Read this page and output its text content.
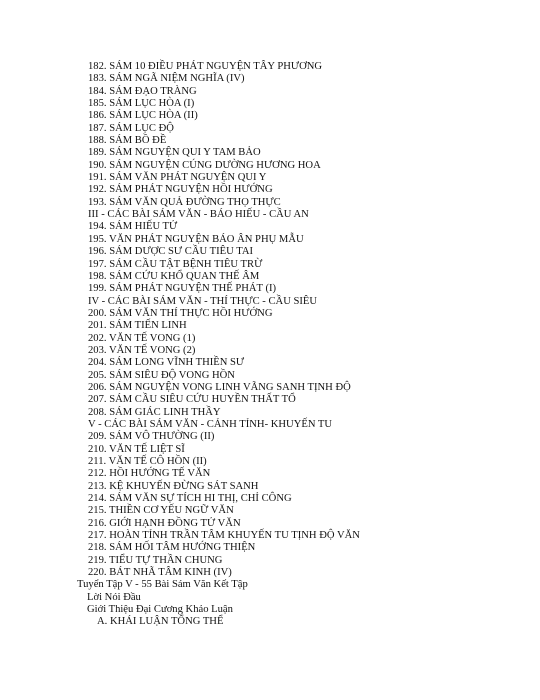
182. SÁM 10 ĐIỀU PHÁT NGUYỆN TÂY PHƯƠNG
183. SÁM NGÃ NIỆM NGHĨA (IV)
184. SÁM ĐẠO TRÀNG
185. SÁM LỤC HÒA (I)
186. SÁM LỤC HÒA (II)
187. SÁM LỤC ĐỘ
188. SÁM BỒ ĐỀ
189. SÁM NGUYỆN QUI Y TAM BẢO
190. SÁM NGUYỆN CÚNG DƯỜNG HƯƠNG HOA
191. SÁM VĂN PHÁT NGUYỆN QUI Y
192. SÁM PHÁT NGUYỆN HỒI HƯỚNG
193. SÁM VĂN QUẢ ĐƯỜNG THỌ THỰC
III - CÁC BÀI SÁM VĂN - BÁO HIẾU - CẦU AN
194. SÁM HIẾU TỬ
195. VĂN PHÁT NGUYỆN BÁO ÂN PHỤ MẪU
196. SÁM DƯỢC SƯ CẦU TIÊU TAI
197. SÁM CẦU TẬT BỆNH TIÊU TRỪ
198. SÁM CỨU KHỔ QUAN THẾ ÂM
199. SÁM PHÁT NGUYỆN THẾ PHÁT (I)
IV - CÁC BÀI SÁM VĂN - THÍ THỰC - CẦU SIÊU
200. SÁM VĂN THÍ THỰC HỒI HƯỚNG
201. SÁM TIẾN LINH
202. VĂN TẾ VONG (1)
203. VĂN TẾ VONG (2)
204. SÁM LONG VĨNH THIỀN SƯ
205. SÁM SIÊU ĐỘ VONG HỒN
206. SÁM NGUYỆN VONG LINH VÃNG SANH TỊNH ĐỘ
207. SÁM CẦU SIÊU CỨU HUYỀN THẤT TỔ
208. SÁM GIÁC LINH THẦY
V - CÁC BÀI SÁM VĂN - CẢNH TỈNH- KHUYẾN TU
209. SÁM VÔ THƯỜNG (II)
210. VĂN TẾ LIỆT SĨ
211. VĂN TẾ CÔ HỒN (II)
212. HỒI HƯỚNG TẾ VĂN
213. KỆ KHUYẾN ĐỪNG SÁT SANH
214. SÁM VĂN SỰ TÍCH HI THỊ, CHỈ CÔNG
215. THIỀN CƠ YẾU NGỮ VĂN
216. GIỚI HẠNH ĐỒNG TỬ VĂN
217. HOÀN TỈNH TRẦN TÂM KHUYẾN TU TỊNH ĐỘ VĂN
218. SÁM HỐI TÂM HƯỚNG THIỆN
219. TIỂU TỰ THẦN CHUNG
220. BÁT NHÃ TÂM KINH (IV)
Tuyển Tập V - 55 Bài Sám Văn Kết Tập
Lời Nói Đầu
Giới Thiệu Đại Cương Khảo Luận
A. KHÁI LUẬN TỔNG THỂ
